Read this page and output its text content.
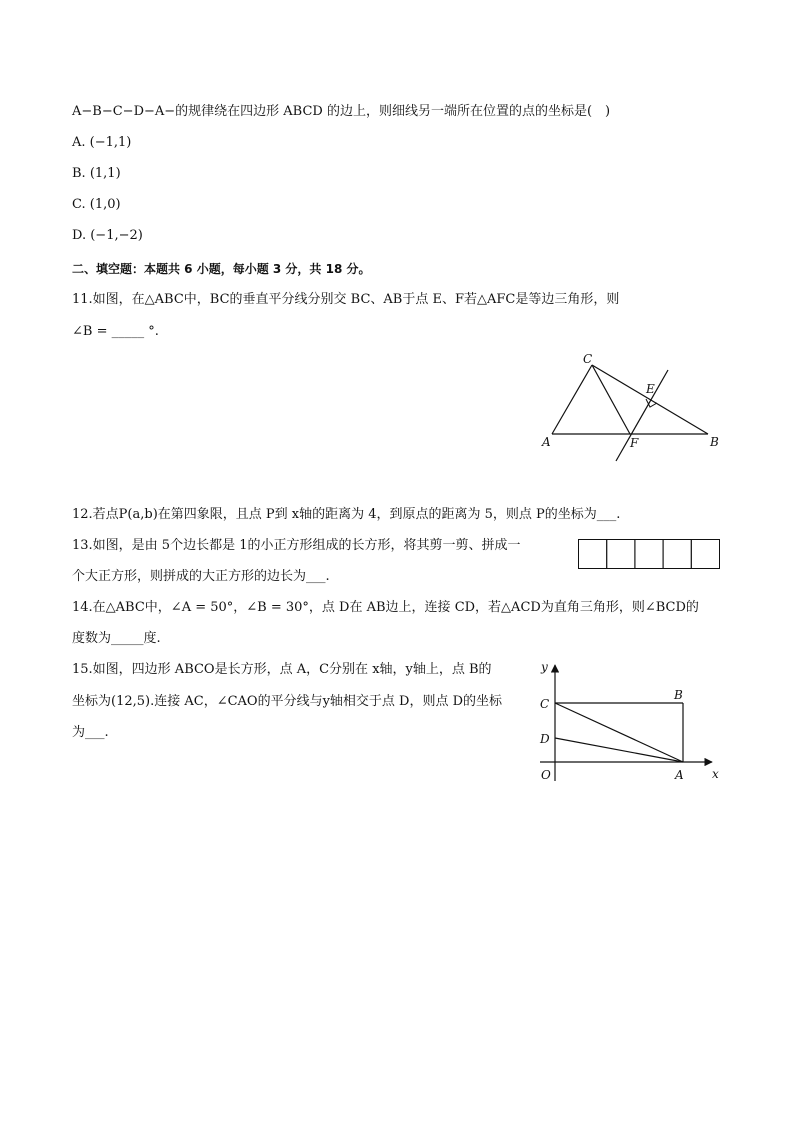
A−B−C−D−A−的规律绕在四边形 ABCD 的边上，则细线另一端所在位置的点的坐标是(　)
A. (−1,1)
B. (1,1)
C. (1,0)
D. (−1,−2)
二、填空题：本题共 6 小题，每小题 3 分，共 18 分。
11.如图，在△ABC中，BC的垂直平分线分别交 BC、AB于点 E、F若△AFC是等边三角形，则
∠B = _____ °.
C
E
A	F	B
12.若点P(a,b)在第四象限，且点 P到 x轴的距离为 4，到原点的距离为 5，则点 P的坐标为___.
13.如图，是由 5个边长都是 1的小正方形组成的长方形，将其剪一剪、拼成一
个大正方形，则拼成的大正方形的边长为___.
14.在△ABC中，∠A = 50°，∠B = 30°，点 D在 AB边上，连接 CD，若△ACD为直角三角形，则∠BCD的
度数为_____度.
15.如图，四边形 ABCO是长方形，点 A，C分别在 x轴，y轴上，点 B的
坐标为(12,5).连接 AC，∠CAO的平分线与y轴相交于点 D，则点 D的坐标
为___.
y
C
D
O
B
A x
